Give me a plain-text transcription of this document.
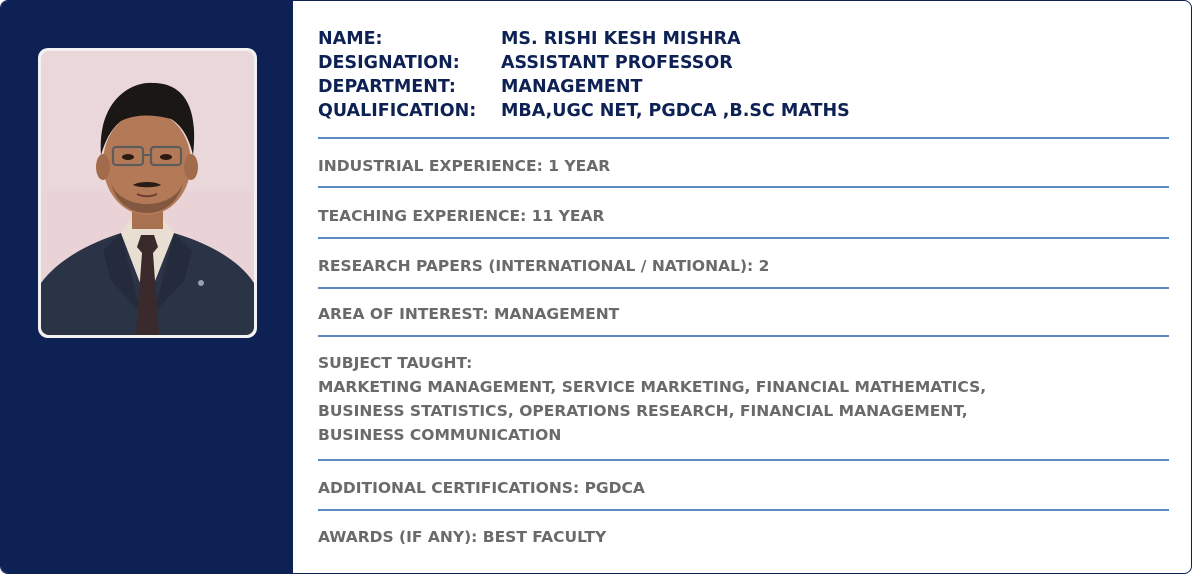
NAME:	MS. RISHI KESH MISHRA
DESIGNATION:	ASSISTANT PROFESSOR
DEPARTMENT:	MANAGEMENT
QUALIFICATION:	MBA,UGC NET, PGDCA ,B.SC MATHS
INDUSTRIAL EXPERIENCE: 1 YEAR
TEACHING EXPERIENCE: 11 YEAR
RESEARCH PAPERS (INTERNATIONAL / NATIONAL): 2
AREA OF INTEREST: MANAGEMENT
SUBJECT TAUGHT:
MARKETING MANAGEMENT, SERVICE MARKETING, FINANCIAL MATHEMATICS,
BUSINESS STATISTICS, OPERATIONS RESEARCH, FINANCIAL MANAGEMENT,
BUSINESS COMMUNICATION
ADDITIONAL CERTIFICATIONS: PGDCA
AWARDS (IF ANY): BEST FACULTY
